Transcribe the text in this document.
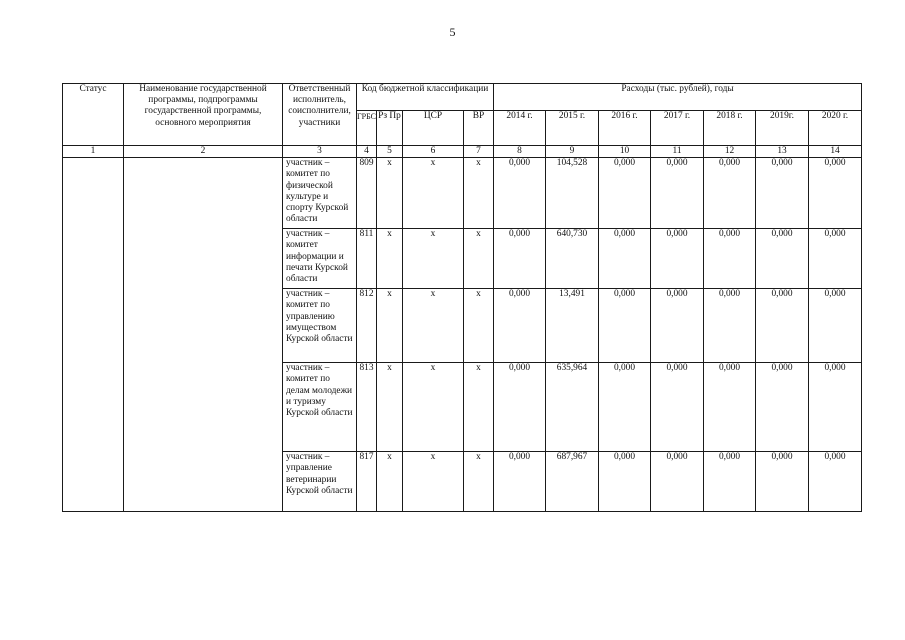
5
Статус	Наименование государственной программы, подпрограммы государственной программы, основного мероприятия	Ответственный исполнитель, соисполнители, участники	Код бюджетной классификации				Расходы (тыс. рублей), годы						
			ГРБС	Рз Пр	ЦСР	ВР	2014 г.	2015 г.	2016 г.	2017 г.	2018 г.	2019г.	2020 г.
1	2	3	4	5	6	7	8	9	10	11	12	13	14
		участник – комитет по физической культуре и спорту Курской области	809	х	х	х	0,000	104,528	0,000	0,000	0,000	0,000	0,000
		участник – комитет информации и печати Курской области	811	х	х	х	0,000	640,730	0,000	0,000	0,000	0,000	0,000
		участник – комитет по управлению имуществом Курской области	812	х	х	х	0,000	13,491	0,000	0,000	0,000	0,000	0,000
		участник – комитет по делам молодежи и туризму Курской области	813	х	х	х	0,000	635,964	0,000	0,000	0,000	0,000	0,000
		участник – управление ветеринарии Курской области	817	х	х	х	0,000	687,967	0,000	0,000	0,000	0,000	0,000
